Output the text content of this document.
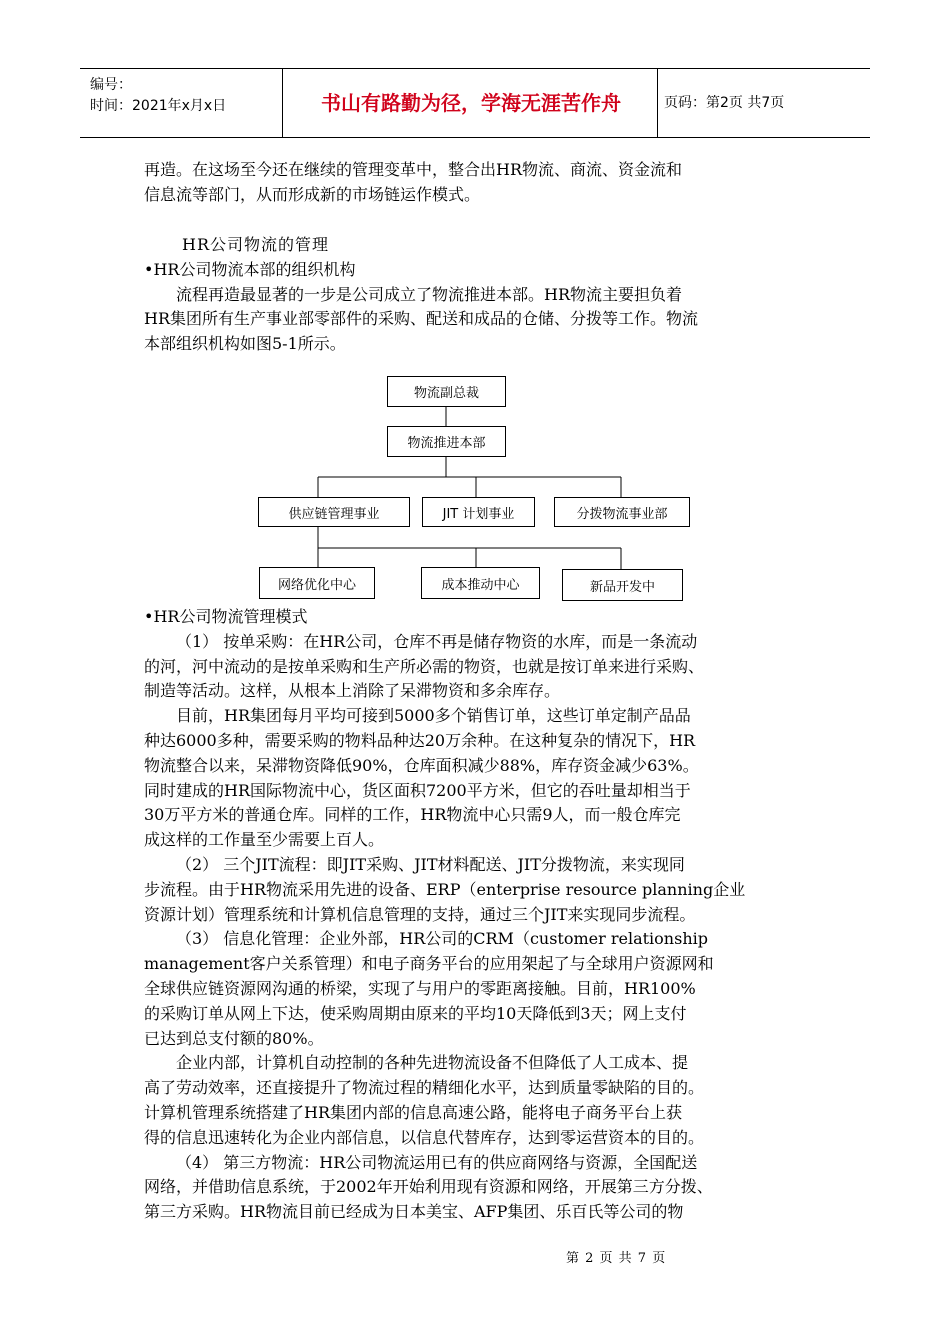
编号：
时间：2021年x月x日	书山有路勤为径，学海无涯苦作舟	页码：第2页 共7页

再造。在这场至今还在继续的管理变革中，整合出HR物流、商流、资金流和

信息流等部门，从而形成新的市场链运作模式。

HR公司物流的管理

•HR公司物流本部的组织机构

流程再造最显著的一步是公司成立了物流推进本部。HR物流主要担负着

HR集团所有生产事业部零部件的采购、配送和成品的仓储、分拨等工作。物流

本部组织机构如图5-1所示。

物流副总裁
物流推进本部
供应链管理事业	JIT 计划事业	分拨物流事业部
网络优化中心	成本推动中心	新品开发中

•HR公司物流管理模式

（1） 按单采购：在HR公司，仓库不再是储存物资的水库，而是一条流动

的河，河中流动的是按单采购和生产所必需的物资，也就是按订单来进行采购、

制造等活动。这样，从根本上消除了呆滞物资和多余库存。

目前，HR集团每月平均可接到5000多个销售订单，这些订单定制产品品

种达6000多种，需要采购的物料品种达20万余种。在这种复杂的情况下，HR

物流整合以来，呆滞物资降低90%，仓库面积减少88%，库存资金减少63%。

同时建成的HR国际物流中心，货区面积7200平方米，但它的吞吐量却相当于

30万平方米的普通仓库。同样的工作，HR物流中心只需9人，而一般仓库完

成这样的工作量至少需要上百人。

（2） 三个JIT流程：即JIT采购、JIT材料配送、JIT分拨物流，来实现同

步流程。由于HR物流采用先进的设备、ERP（enterprise resource planning企业

资源计划）管理系统和计算机信息管理的支持，通过三个JIT来实现同步流程。

（3） 信息化管理：企业外部，HR公司的CRM（customer relationship

management客户关系管理）和电子商务平台的应用架起了与全球用户资源网和

全球供应链资源网沟通的桥梁，实现了与用户的零距离接触。目前，HR100%

的采购订单从网上下达，使采购周期由原来的平均10天降低到3天；网上支付

已达到总支付额的80%。

企业内部，计算机自动控制的各种先进物流设备不但降低了人工成本、提

高了劳动效率，还直接提升了物流过程的精细化水平，达到质量零缺陷的目的。

计算机管理系统搭建了HR集团内部的信息高速公路，能将电子商务平台上获

得的信息迅速转化为企业内部信息，以信息代替库存，达到零运营资本的目的。

（4） 第三方物流：HR公司物流运用已有的供应商网络与资源，全国配送

网络，并借助信息系统，于2002年开始利用现有资源和网络，开展第三方分拨、

第三方采购。HR物流目前已经成为日本美宝、AFP集团、乐百氏等公司的物

第 2 页 共 7 页
